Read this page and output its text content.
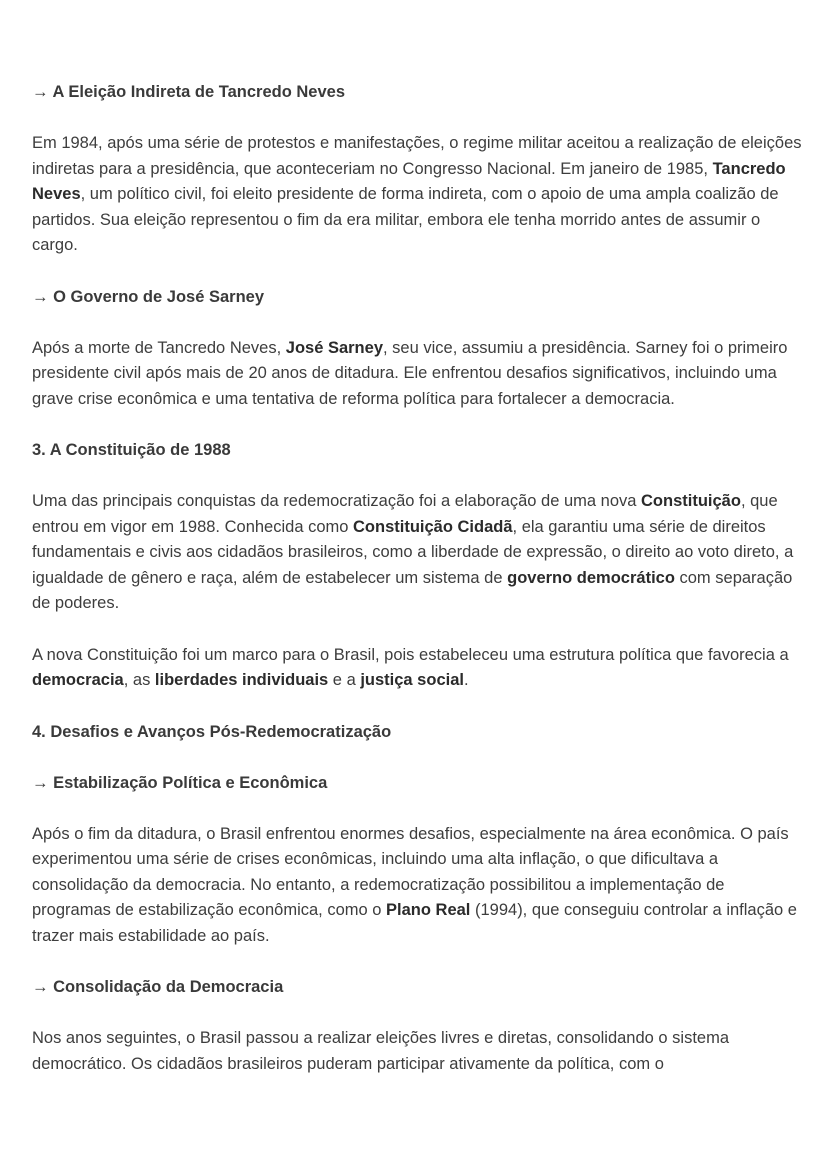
→ A Eleição Indireta de Tancredo Neves

Em 1984, após uma série de protestos e manifestações, o regime militar aceitou a realização de eleições indiretas para a presidência, que aconteceriam no Congresso Nacional. Em janeiro de 1985, Tancredo Neves, um político civil, foi eleito presidente de forma indireta, com o apoio de uma ampla coalizão de partidos. Sua eleição representou o fim da era militar, embora ele tenha morrido antes de assumir o cargo.

→ O Governo de José Sarney

Após a morte de Tancredo Neves, José Sarney, seu vice, assumiu a presidência. Sarney foi o primeiro presidente civil após mais de 20 anos de ditadura. Ele enfrentou desafios significativos, incluindo uma grave crise econômica e uma tentativa de reforma política para fortalecer a democracia.

3. A Constituição de 1988

Uma das principais conquistas da redemocratização foi a elaboração de uma nova Constituição, que entrou em vigor em 1988. Conhecida como Constituição Cidadã, ela garantiu uma série de direitos fundamentais e civis aos cidadãos brasileiros, como a liberdade de expressão, o direito ao voto direto, a igualdade de gênero e raça, além de estabelecer um sistema de governo democrático com separação de poderes.

A nova Constituição foi um marco para o Brasil, pois estabeleceu uma estrutura política que favorecia a democracia, as liberdades individuais e a justiça social.

4. Desafios e Avanços Pós-Redemocratização
→ Estabilização Política e Econômica

Após o fim da ditadura, o Brasil enfrentou enormes desafios, especialmente na área econômica. O país experimentou uma série de crises econômicas, incluindo uma alta inflação, o que dificultava a consolidação da democracia. No entanto, a redemocratização possibilitou a implementação de programas de estabilização econômica, como o Plano Real (1994), que conseguiu controlar a inflação e trazer mais estabilidade ao país.

→ Consolidação da Democracia

Nos anos seguintes, o Brasil passou a realizar eleições livres e diretas, consolidando o sistema democrático. Os cidadãos brasileiros puderam participar ativamente da política, com o
